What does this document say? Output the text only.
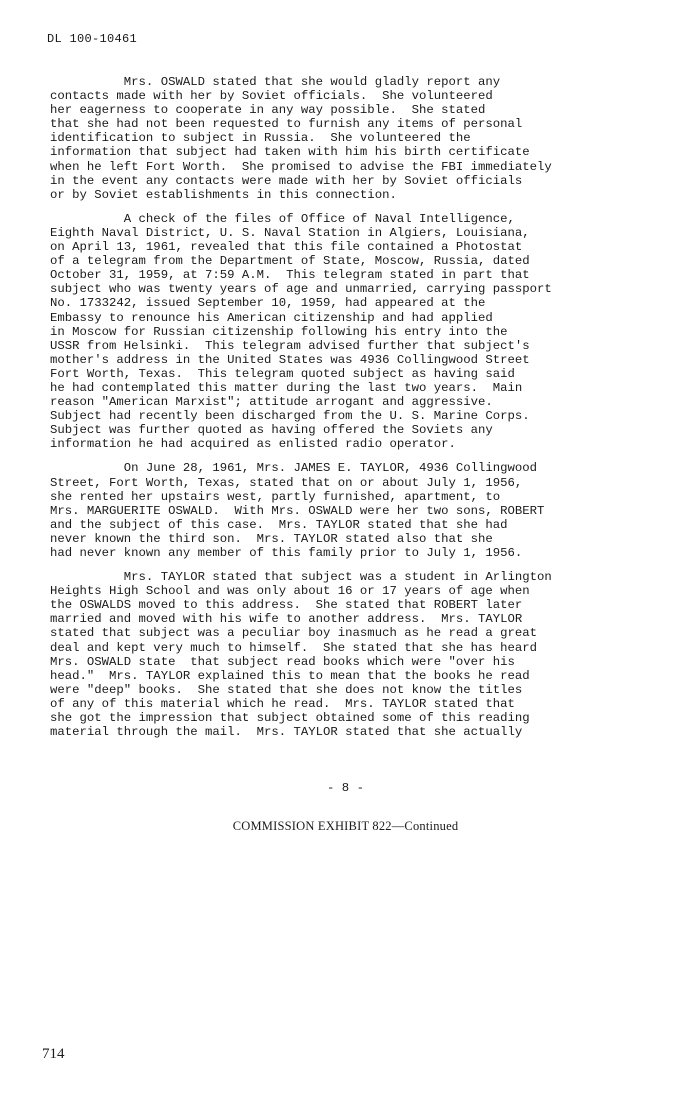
DL 100-10461

Mrs. OSWALD stated that she would gladly report any
contacts made with her by Soviet officials.  She volunteered
her eagerness to cooperate in any way possible.  She stated
that she had not been requested to furnish any items of personal
identification to subject in Russia.  She volunteered the
information that subject had taken with him his birth certificate
when he left Fort Worth.  She promised to advise the FBI immediately
in the event any contacts were made with her by Soviet officials
or by Soviet establishments in this connection.

A check of the files of Office of Naval Intelligence,
Eighth Naval District, U. S. Naval Station in Algiers, Louisiana,
on April 13, 1961, revealed that this file contained a Photostat
of a telegram from the Department of State, Moscow, Russia, dated
October 31, 1959, at 7:59 A.M.  This telegram stated in part that
subject who was twenty years of age and unmarried, carrying passport
No. 1733242, issued September 10, 1959, had appeared at the
Embassy to renounce his American citizenship and had applied
in Moscow for Russian citizenship following his entry into the
USSR from Helsinki.  This telegram advised further that subject's
mother's address in the United States was 4936 Collingwood Street
Fort Worth, Texas.  This telegram quoted subject as having said
he had contemplated this matter during the last two years.  Main
reason "American Marxist"; attitude arrogant and aggressive.
Subject had recently been discharged from the U. S. Marine Corps.
Subject was further quoted as having offered the Soviets any
information he had acquired as enlisted radio operator.

On June 28, 1961, Mrs. JAMES E. TAYLOR, 4936 Collingwood
Street, Fort Worth, Texas, stated that on or about July 1, 1956,
she rented her upstairs west, partly furnished, apartment, to
Mrs. MARGUERITE OSWALD.  With Mrs. OSWALD were her two sons, ROBERT
and the subject of this case.  Mrs. TAYLOR stated that she had
never known the third son.  Mrs. TAYLOR stated also that she
had never known any member of this family prior to July 1, 1956.

Mrs. TAYLOR stated that subject was a student in Arlington
Heights High School and was only about 16 or 17 years of age when
the OSWALDS moved to this address.  She stated that ROBERT later
married and moved with his wife to another address.  Mrs. TAYLOR
stated that subject was a peculiar boy inasmuch as he read a great
deal and kept very much to himself.  She stated that she has heard
Mrs. OSWALD state  that subject read books which were "over his
head."  Mrs. TAYLOR explained this to mean that the books he read
were "deep" books.  She stated that she does not know the titles
of any of this material which he read.  Mrs. TAYLOR stated that
she got the impression that subject obtained some of this reading
material through the mail.  Mrs. TAYLOR stated that she actually

- 8 -
COMMISSION EXHIBIT 822—Continued
714
